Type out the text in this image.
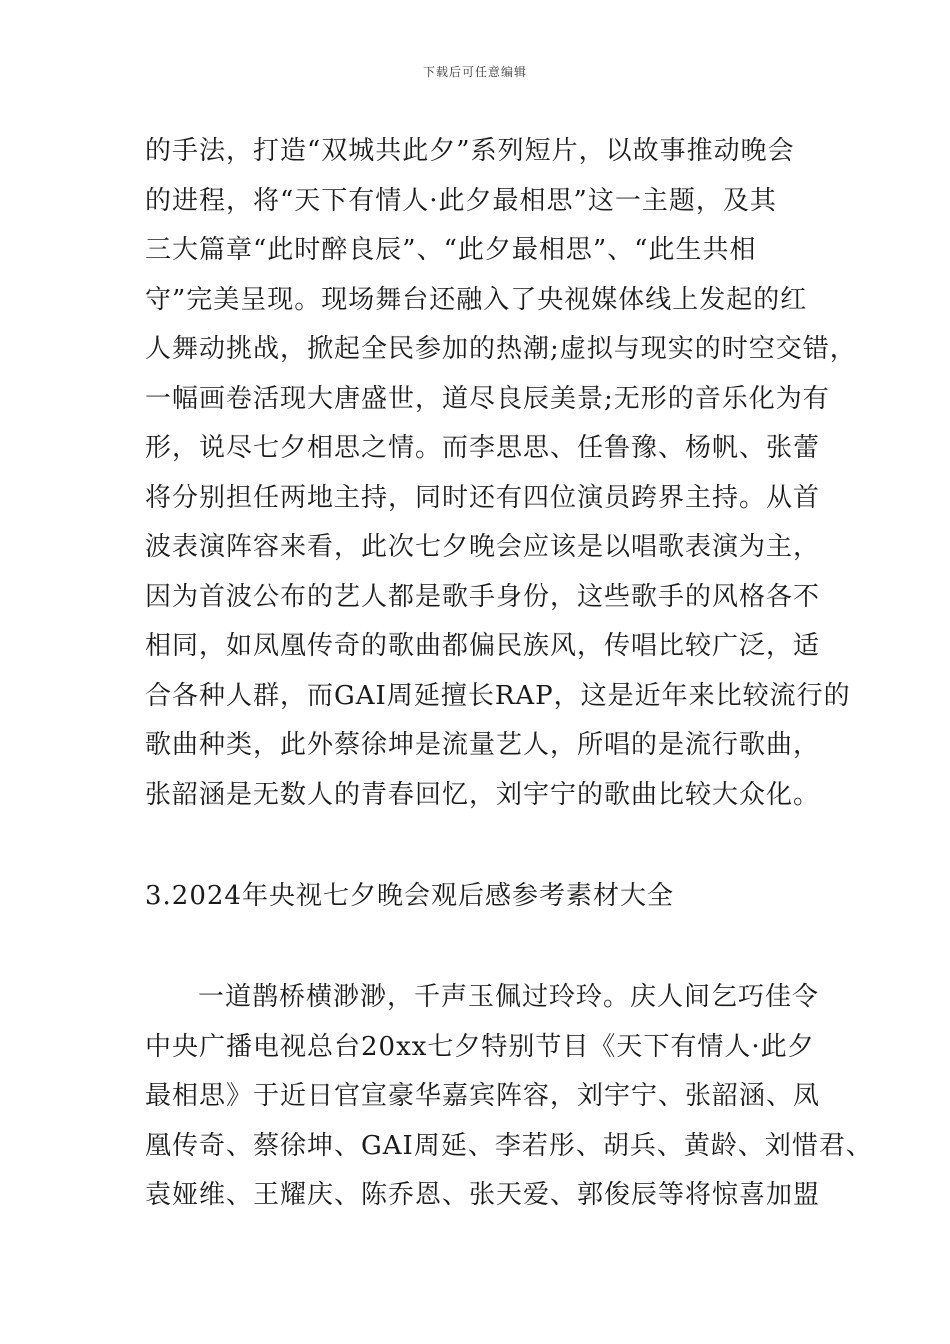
下载后可任意编辑
的手法，打造“双城共此夕”系列短片，以故事推动晚会
的进程，将“天下有情人·此夕最相思”这一主题，及其
三大篇章“此时醉良辰”、“此夕最相思”、“此生共相
守”完美呈现。现场舞台还融入了央视媒体线上发起的红
人舞动挑战，掀起全民参加的热潮;虚拟与现实的时空交错，
一幅画卷活现大唐盛世，道尽良辰美景;无形的音乐化为有
形，说尽七夕相思之情。而李思思、任鲁豫、杨帆、张蕾
将分别担任两地主持，同时还有四位演员跨界主持。从首
波表演阵容来看，此次七夕晚会应该是以唱歌表演为主，
因为首波公布的艺人都是歌手身份，这些歌手的风格各不
相同，如凤凰传奇的歌曲都偏民族风，传唱比较广泛，适
合各种人群，而GAI周延擅长RAP，这是近年来比较流行的
歌曲种类，此外蔡徐坤是流量艺人，所唱的是流行歌曲，
张韶涵是无数人的青春回忆，刘宇宁的歌曲比较大众化。
3.2024年央视七夕晚会观后感参考素材大全
一道鹊桥横渺渺，千声玉佩过玲玲。庆人间乞巧佳令
中央广播电视总台20xx七夕特别节目《天下有情人·此夕
最相思》于近日官宣豪华嘉宾阵容，刘宇宁、张韶涵、凤
凰传奇、蔡徐坤、GAI周延、李若彤、胡兵、黄龄、刘惜君、
袁娅维、王耀庆、陈乔恩、张天爱、郭俊辰等将惊喜加盟
